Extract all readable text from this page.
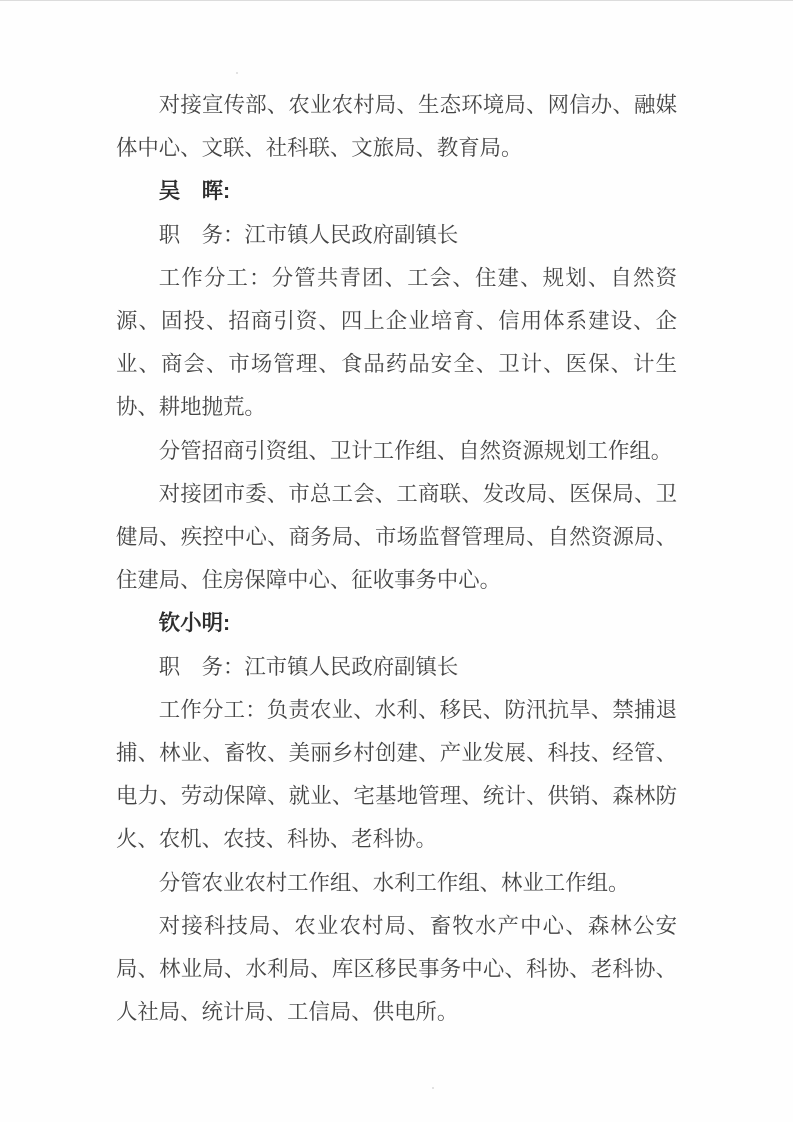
对接宣传部、农业农村局、生态环境局、网信办、融媒体中心、文联、社科联、文旅局、教育局。

吴　晖:

职　务：江市镇人民政府副镇长

工作分工：分管共青团、工会、住建、规划、自然资源、固投、招商引资、四上企业培育、信用体系建设、企业、商会、市场管理、食品药品安全、卫计、医保、计生协、耕地抛荒。

分管招商引资组、卫计工作组、自然资源规划工作组。

对接团市委、市总工会、工商联、发改局、医保局、卫健局、疾控中心、商务局、市场监督管理局、自然资源局、住建局、住房保障中心、征收事务中心。

钦小明:

职　务：江市镇人民政府副镇长

工作分工：负责农业、水利、移民、防汛抗旱、禁捕退捕、林业、畜牧、美丽乡村创建、产业发展、科技、经管、电力、劳动保障、就业、宅基地管理、统计、供销、森林防火、农机、农技、科协、老科协。

分管农业农村工作组、水利工作组、林业工作组。

对接科技局、农业农村局、畜牧水产中心、森林公安局、林业局、水利局、库区移民事务中心、科协、老科协、人社局、统计局、工信局、供电所。
